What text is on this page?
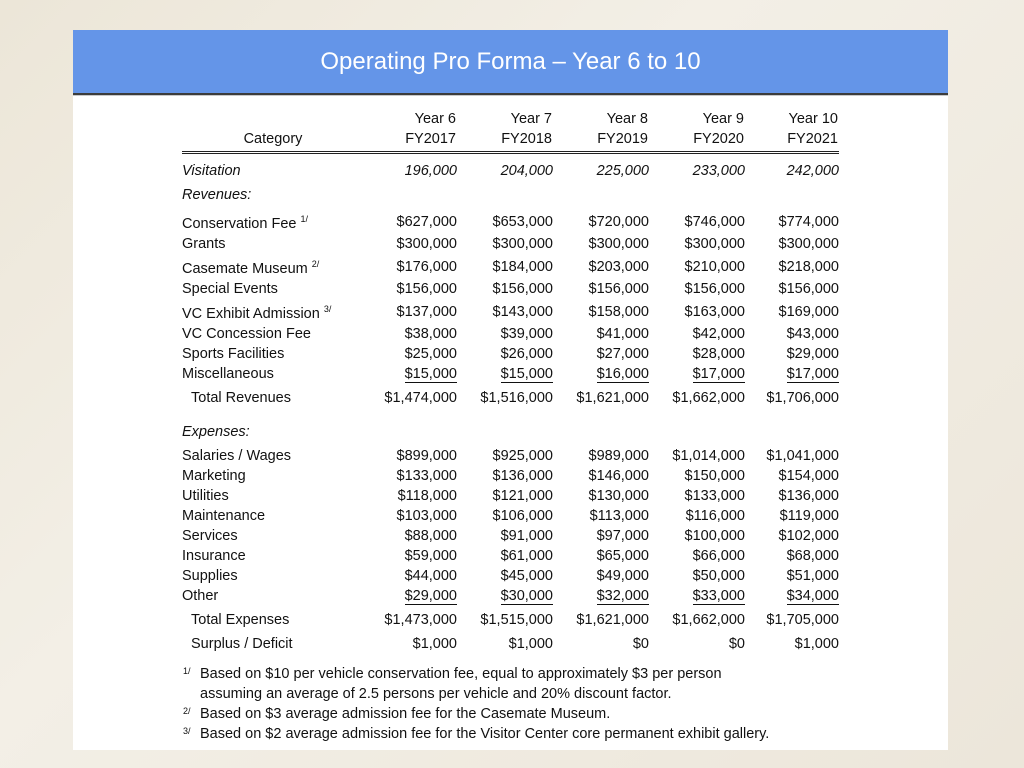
Operating Pro Forma – Year 6 to 10
	Year 6	Year 7	Year 8	Year 9	Year 10
Category	FY2017	FY2018	FY2019	FY2020	FY2021

Visitation	196,000	204,000	225,000	233,000	242,000

Revenues:					

Conservation Fee $^{1/}$	$627,000	$653,000	$720,000	$746,000	$774,000
Grants	$300,000	$300,000	$300,000	$300,000	$300,000
Casemate Museum $^{2/}$	$176,000	$184,000	$203,000	$210,000	$218,000
Special Events	$156,000	$156,000	$156,000	$156,000	$156,000
VC Exhibit Admission $^{3/}$	$137,000	$143,000	$158,000	$163,000	$169,000
VC Concession Fee	$38,000	$39,000	$41,000	$42,000	$43,000
Sports Facilities	$25,000	$26,000	$27,000	$28,000	$29,000
Miscellaneous	$15,000	$15,000	$16,000	$17,000	$17,000

Total Revenues	$1,474,000	$1,516,000	$1,621,000	$1,662,000	$1,706,000

Expenses:					

Salaries / Wages	$899,000	$925,000	$989,000	$1,014,000	$1,041,000
Marketing	$133,000	$136,000	$146,000	$150,000	$154,000
Utilities	$118,000	$121,000	$130,000	$133,000	$136,000
Maintenance	$103,000	$106,000	$113,000	$116,000	$119,000
Services	$88,000	$91,000	$97,000	$100,000	$102,000
Insurance	$59,000	$61,000	$65,000	$66,000	$68,000
Supplies	$44,000	$45,000	$49,000	$50,000	$51,000
Other	$29,000	$30,000	$32,000	$33,000	$34,000

Total Expenses	$1,473,000	$1,515,000	$1,621,000	$1,662,000	$1,705,000

Surplus / Deficit	$1,000	$1,000	$0	$0	$1,000
1/ Based on $10 per vehicle conservation fee, equal to approximately $3 per person
assuming an average of 2.5 persons per vehicle and 20% discount factor.
2/ Based on $3 average admission fee for the Casemate Museum.
3/ Based on $2 average admission fee for the Visitor Center core permanent exhibit gallery.
